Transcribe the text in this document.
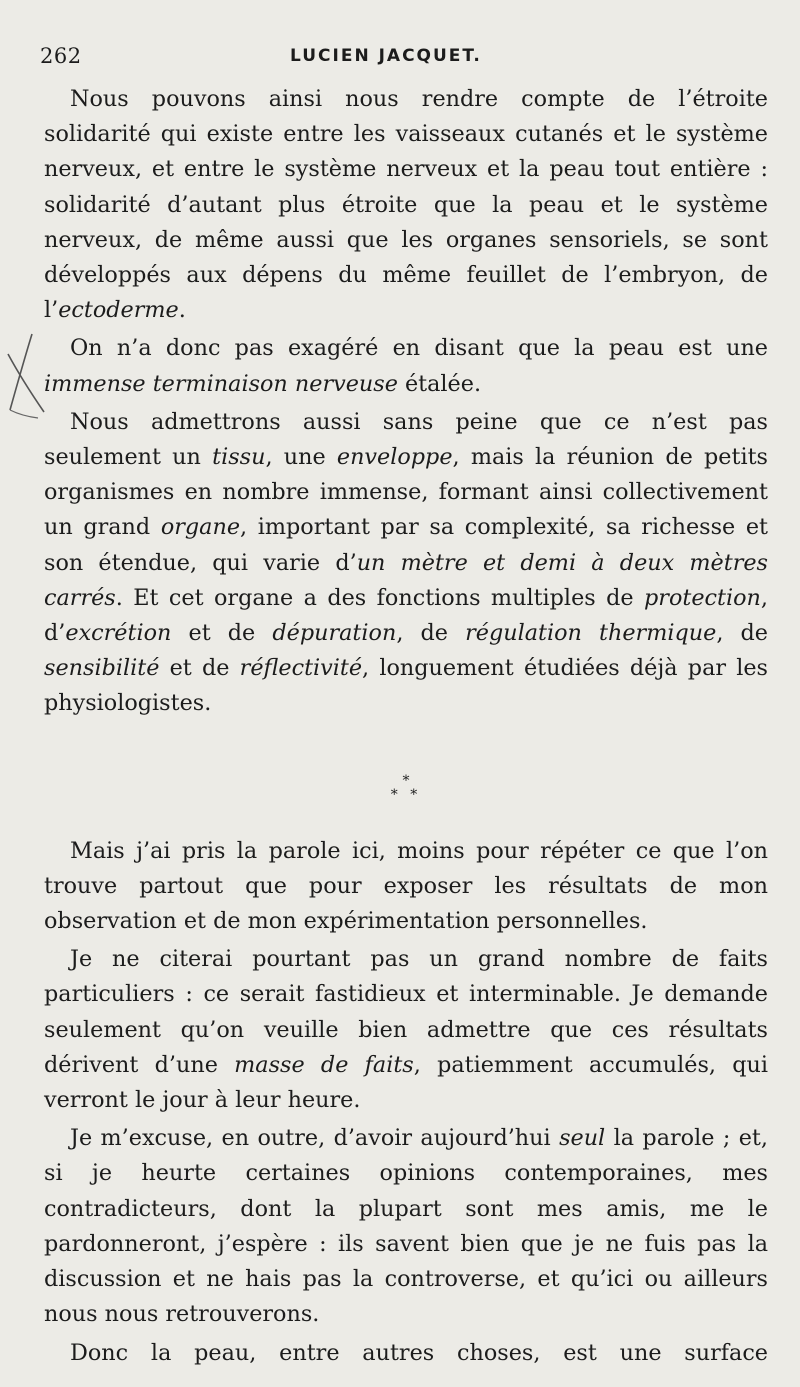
262	LUCIEN JACQUET.

Nous pouvons ainsi nous rendre compte de l’étroite solidarité qui existe entre les vaisseaux cutanés et le système nerveux, et entre le système nerveux et la peau tout entière : solidarité d’autant plus étroite que la peau et le système nerveux, de même aussi que les organes sensoriels, se sont développés aux dépens du même feuillet de l’embryon, de l’ectoderme.

On n’a donc pas exagéré en disant que la peau est une immense terminaison nerveuse étalée.

Nous admettrons aussi sans peine que ce n’est pas seulement un tissu, une enveloppe, mais la réunion de petits organismes en nombre immense, formant ainsi collectivement un grand organe, important par sa complexité, sa richesse et son étendue, qui varie d’un mètre et demi à deux mètres carrés. Et cet organe a des fonctions multiples de protection, d’excrétion et de dépuration, de régulation thermique, de sensibilité et de réflectivité, longuement étudiées déjà par les physiologistes.

*
* *

Mais j’ai pris la parole ici, moins pour répéter ce que l’on trouve partout que pour exposer les résultats de mon observation et de mon expérimentation personnelles.

Je ne citerai pourtant pas un grand nombre de faits particuliers : ce serait fastidieux et interminable. Je demande seulement qu’on veuille bien admettre que ces résultats dérivent d’une masse de faits, patiemment accumulés, qui verront le jour à leur heure.

Je m’excuse, en outre, d’avoir aujourd’hui seul la parole ; et, si je heurte certaines opinions contemporaines, mes contradicteurs, dont la plupart sont mes amis, me le pardonneront, j’espère : ils savent bien que je ne fuis pas la discussion et ne hais pas la controverse, et qu’ici ou ailleurs nous nous retrouverons.

Donc la peau, entre autres choses, est une surface
